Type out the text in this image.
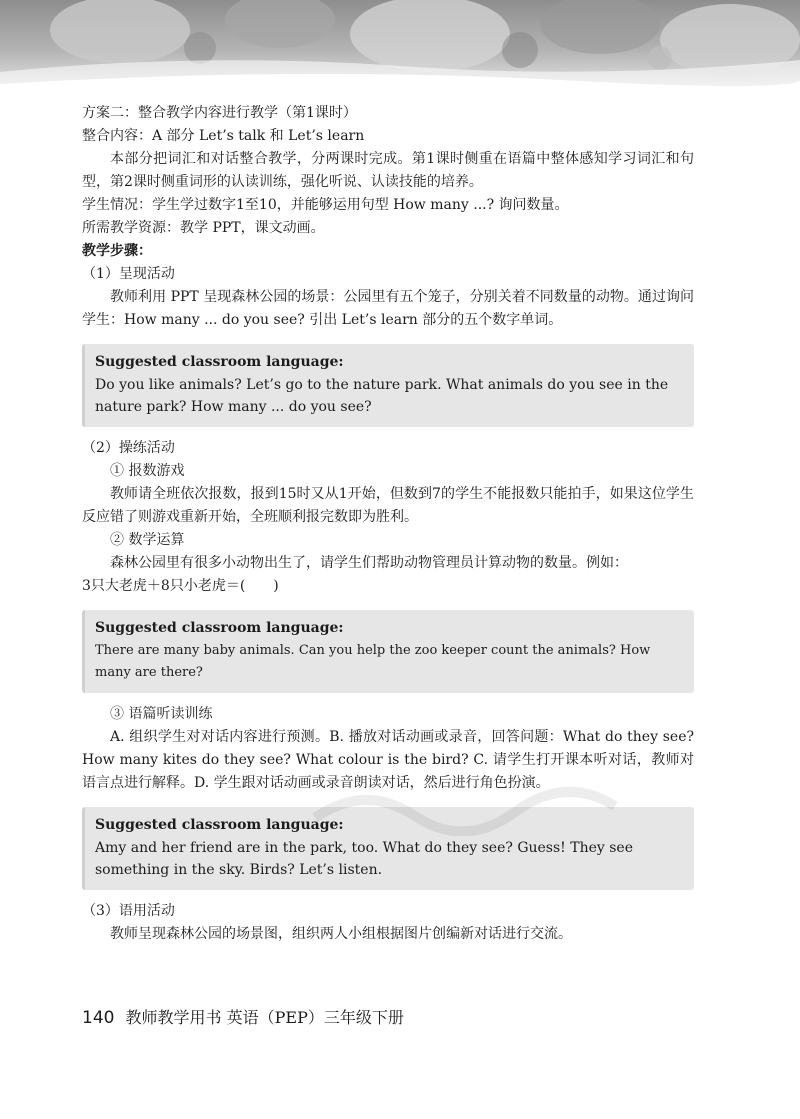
方案二：整合教学内容进行教学（第1课时）
整合内容：A 部分 Let’s talk 和 Let’s learn
本部分把词汇和对话整合教学，分两课时完成。第1课时侧重在语篇中整体感知学习词汇和句型，第2课时侧重词形的认读训练，强化听说、认读技能的培养。
学生情况：学生学过数字1至10，并能够运用句型 How many ...? 询问数量。
所需教学资源：教学 PPT，课文动画。
教学步骤：
（1）呈现活动
教师利用 PPT 呈现森林公园的场景：公园里有五个笼子，分别关着不同数量的动物。通过询问学生：How many ... do you see? 引出 Let’s learn 部分的五个数字单词。
Suggested classroom language:
Do you like animals? Let’s go to the nature park. What animals do you see in the nature park? How many ... do you see?
（2）操练活动
① 报数游戏
教师请全班依次报数，报到15时又从1开始，但数到7的学生不能报数只能拍手，如果这位学生反应错了则游戏重新开始，全班顺利报完数即为胜利。
② 数学运算
森林公园里有很多小动物出生了，请学生们帮助动物管理员计算动物的数量。例如：
3只大老虎＋8只小老虎＝(　　)
Suggested classroom language:
There are many baby animals. Can you help the zoo keeper count the animals? How many are there?
③ 语篇听读训练
A. 组织学生对对话内容进行预测。B. 播放对话动画或录音，回答问题：What do they see? How many kites do they see? What colour is the bird? C. 请学生打开课本听对话，教师对语言点进行解释。D. 学生跟对话动画或录音朗读对话，然后进行角色扮演。
Suggested classroom language:
Amy and her friend are in the park, too. What do they see? Guess! They see something in the sky. Birds? Let’s listen.
（3）语用活动
教师呈现森林公园的场景图，组织两人小组根据图片创编新对话进行交流。
140 教师教学用书 英语（PEP）三年级下册
